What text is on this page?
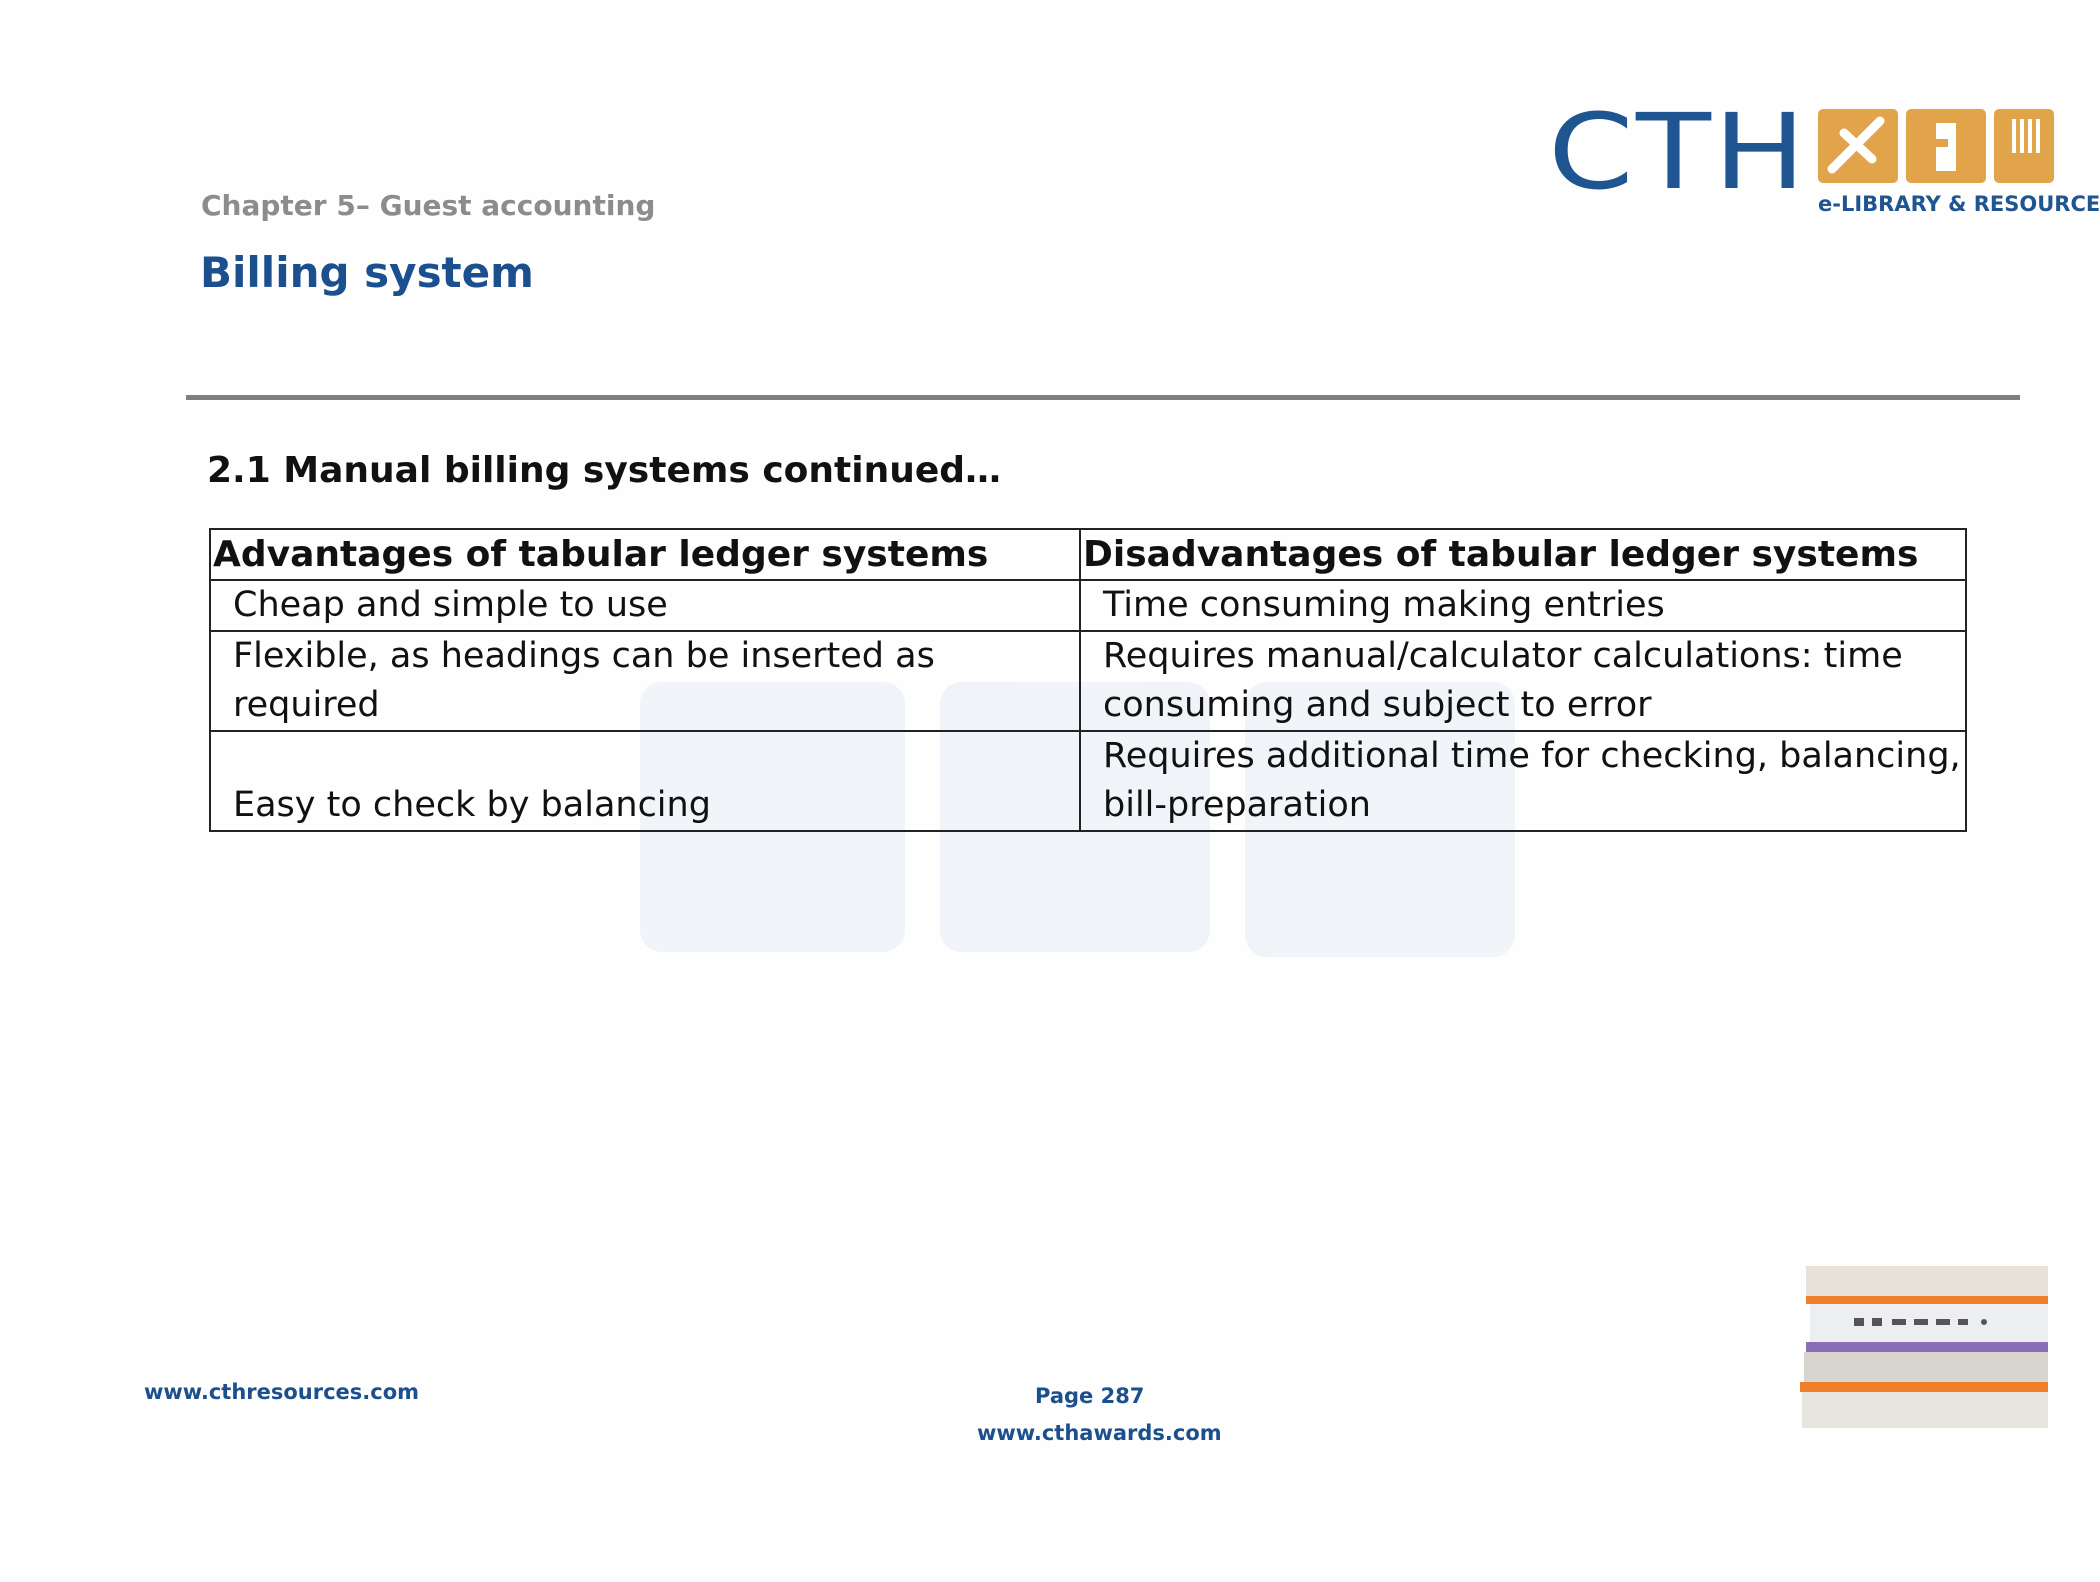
CTH e-LIBRARY & RESOURCE
Chapter 5– Guest accounting
Billing system
2.1 Manual billing systems continued…
Advantages of tabular ledger systems	Disadvantages of tabular ledger systems
Cheap and simple to use	Time consuming making entries
Flexible, as headings can be inserted as required	Requires manual/calculator calculations: time consuming and subject to error
Easy to check by balancing	Requires additional time for checking, balancing, bill-preparation
www.cthresources.com	Page 287
www.cthawards.com
